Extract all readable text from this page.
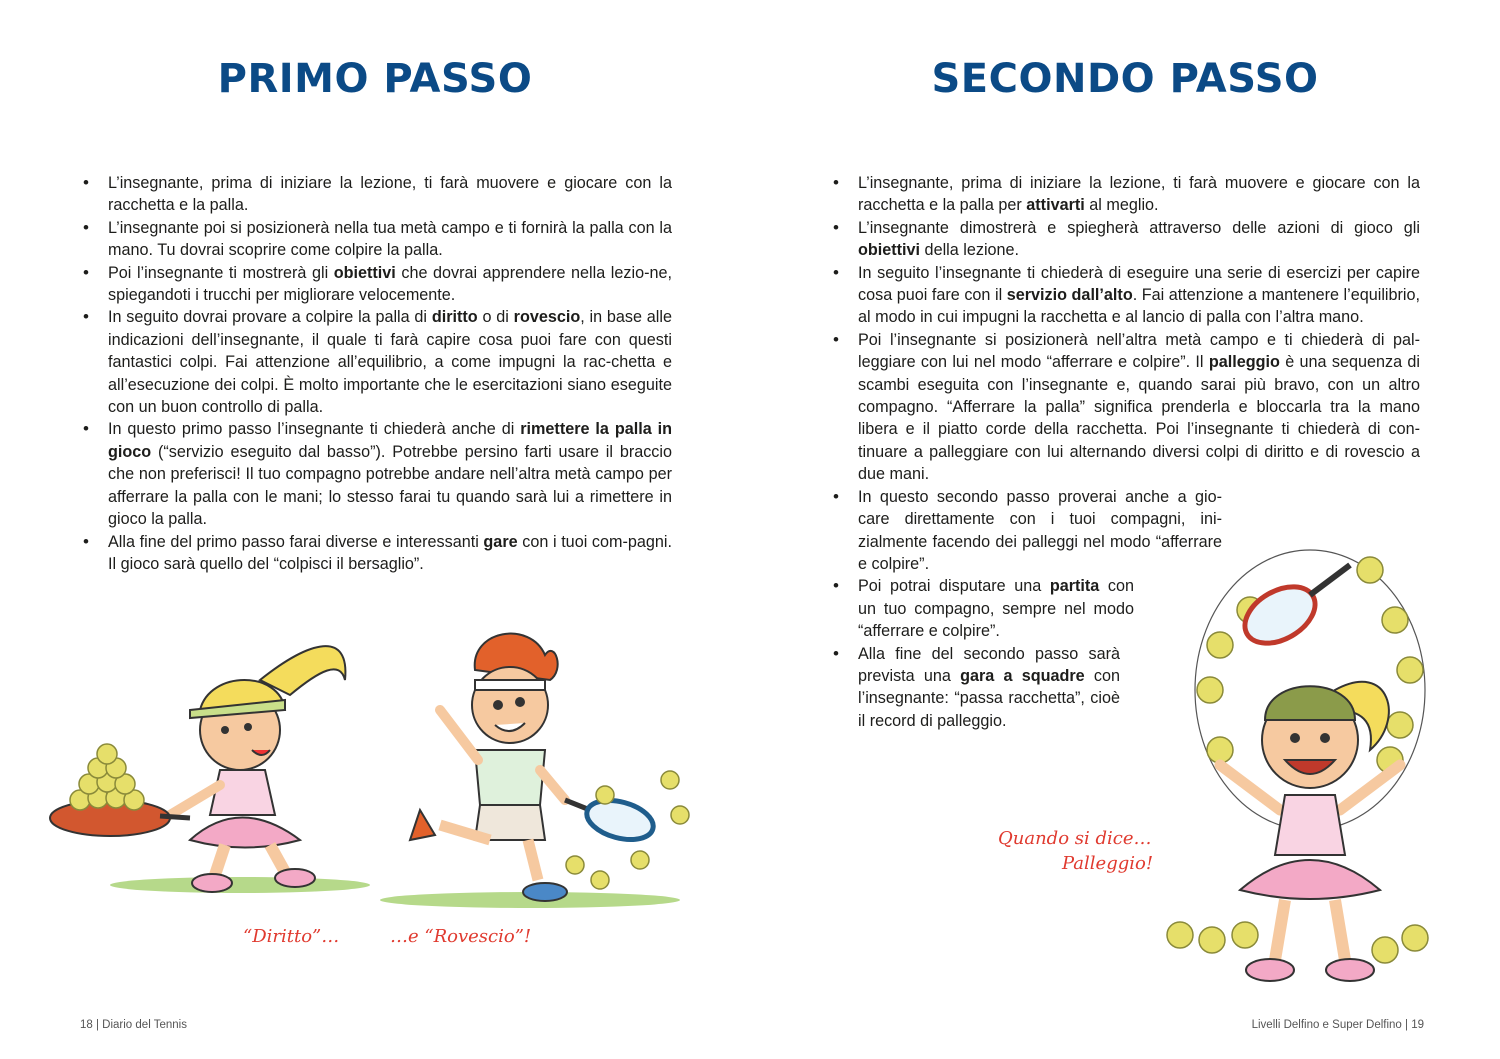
PRIMO PASSO
• L’insegnante, prima di iniziare la lezione, ti farà muovere e giocare con la racchetta e la palla.
• L’insegnante poi si posizionerà nella tua metà campo e ti fornirà la palla con la mano. Tu dovrai scoprire come colpire la palla.
• Poi l’insegnante ti mostrerà gli obiettivi che dovrai apprendere nella lezio-ne, spiegandoti i trucchi per migliorare velocemente.
• In seguito dovrai provare a colpire la palla di diritto o di rovescio, in base alle indicazioni dell’insegnante, il quale ti farà capire cosa puoi fare con questi fantastici colpi. Fai attenzione all’equilibrio, a come impugni la rac-chetta e all’esecuzione dei colpi. È molto importante che le esercitazioni siano eseguite con un buon controllo di palla.
• In questo primo passo l’insegnante ti chiederà anche di rimettere la palla in gioco (“servizio eseguito dal basso”). Potrebbe persino farti usare il braccio che non preferisci! Il tuo compagno potrebbe andare nell’altra metà campo per afferrare la palla con le mani; lo stesso farai tu quando sarà lui a rimettere in gioco la palla.
• Alla fine del primo passo farai diverse e interessanti gare con i tuoi com-pagni. Il gioco sarà quello del “colpisci il bersaglio”.
“Diritto”…	…e “Rovescio”!
18 | Diario del Tennis
SECONDO PASSO
• L’insegnante, prima di iniziare la lezione, ti farà muovere e giocare con la racchetta e la palla per attivarti al meglio.
• L’insegnante dimostrerà e spiegherà attraverso delle azioni di gioco gli obiettivi della lezione.
• In seguito l’insegnante ti chiederà di eseguire una serie di esercizi per capire cosa puoi fare con il servizio dall’alto. Fai attenzione a mantenere l’equilibrio, al modo in cui impugni la racchetta e al lancio di palla con l’altra mano.
• Poi l’insegnante si posizionerà nell’altra metà campo e ti chiederà di pal-leggiare con lui nel modo “afferrare e colpire”. Il palleggio è una sequenza di scambi eseguita con l’insegnante e, quando sarai più bravo, con un altro compagno. “Afferrare la palla” significa prenderla e bloccarla tra la mano libera e il piatto corde della racchetta. Poi l’insegnante ti chiederà di con-tinuare a palleggiare con lui alternando diversi colpi di diritto e di rovescio a due mani.
• In questo secondo passo proverai anche a gio-care direttamente con i tuoi compagni, ini-zialmente facendo dei palleggi nel modo “afferrare e colpire”.
• Poi potrai disputare una partita con un tuo compagno, sempre nel modo “afferrare e colpire”.
• Alla fine del secondo passo sarà prevista una gara a squadre con l’insegnante: “passa racchetta”, cioè il record di palleggio.
Quando si dice…
Palleggio!
Livelli Delfino e Super Delfino | 19
